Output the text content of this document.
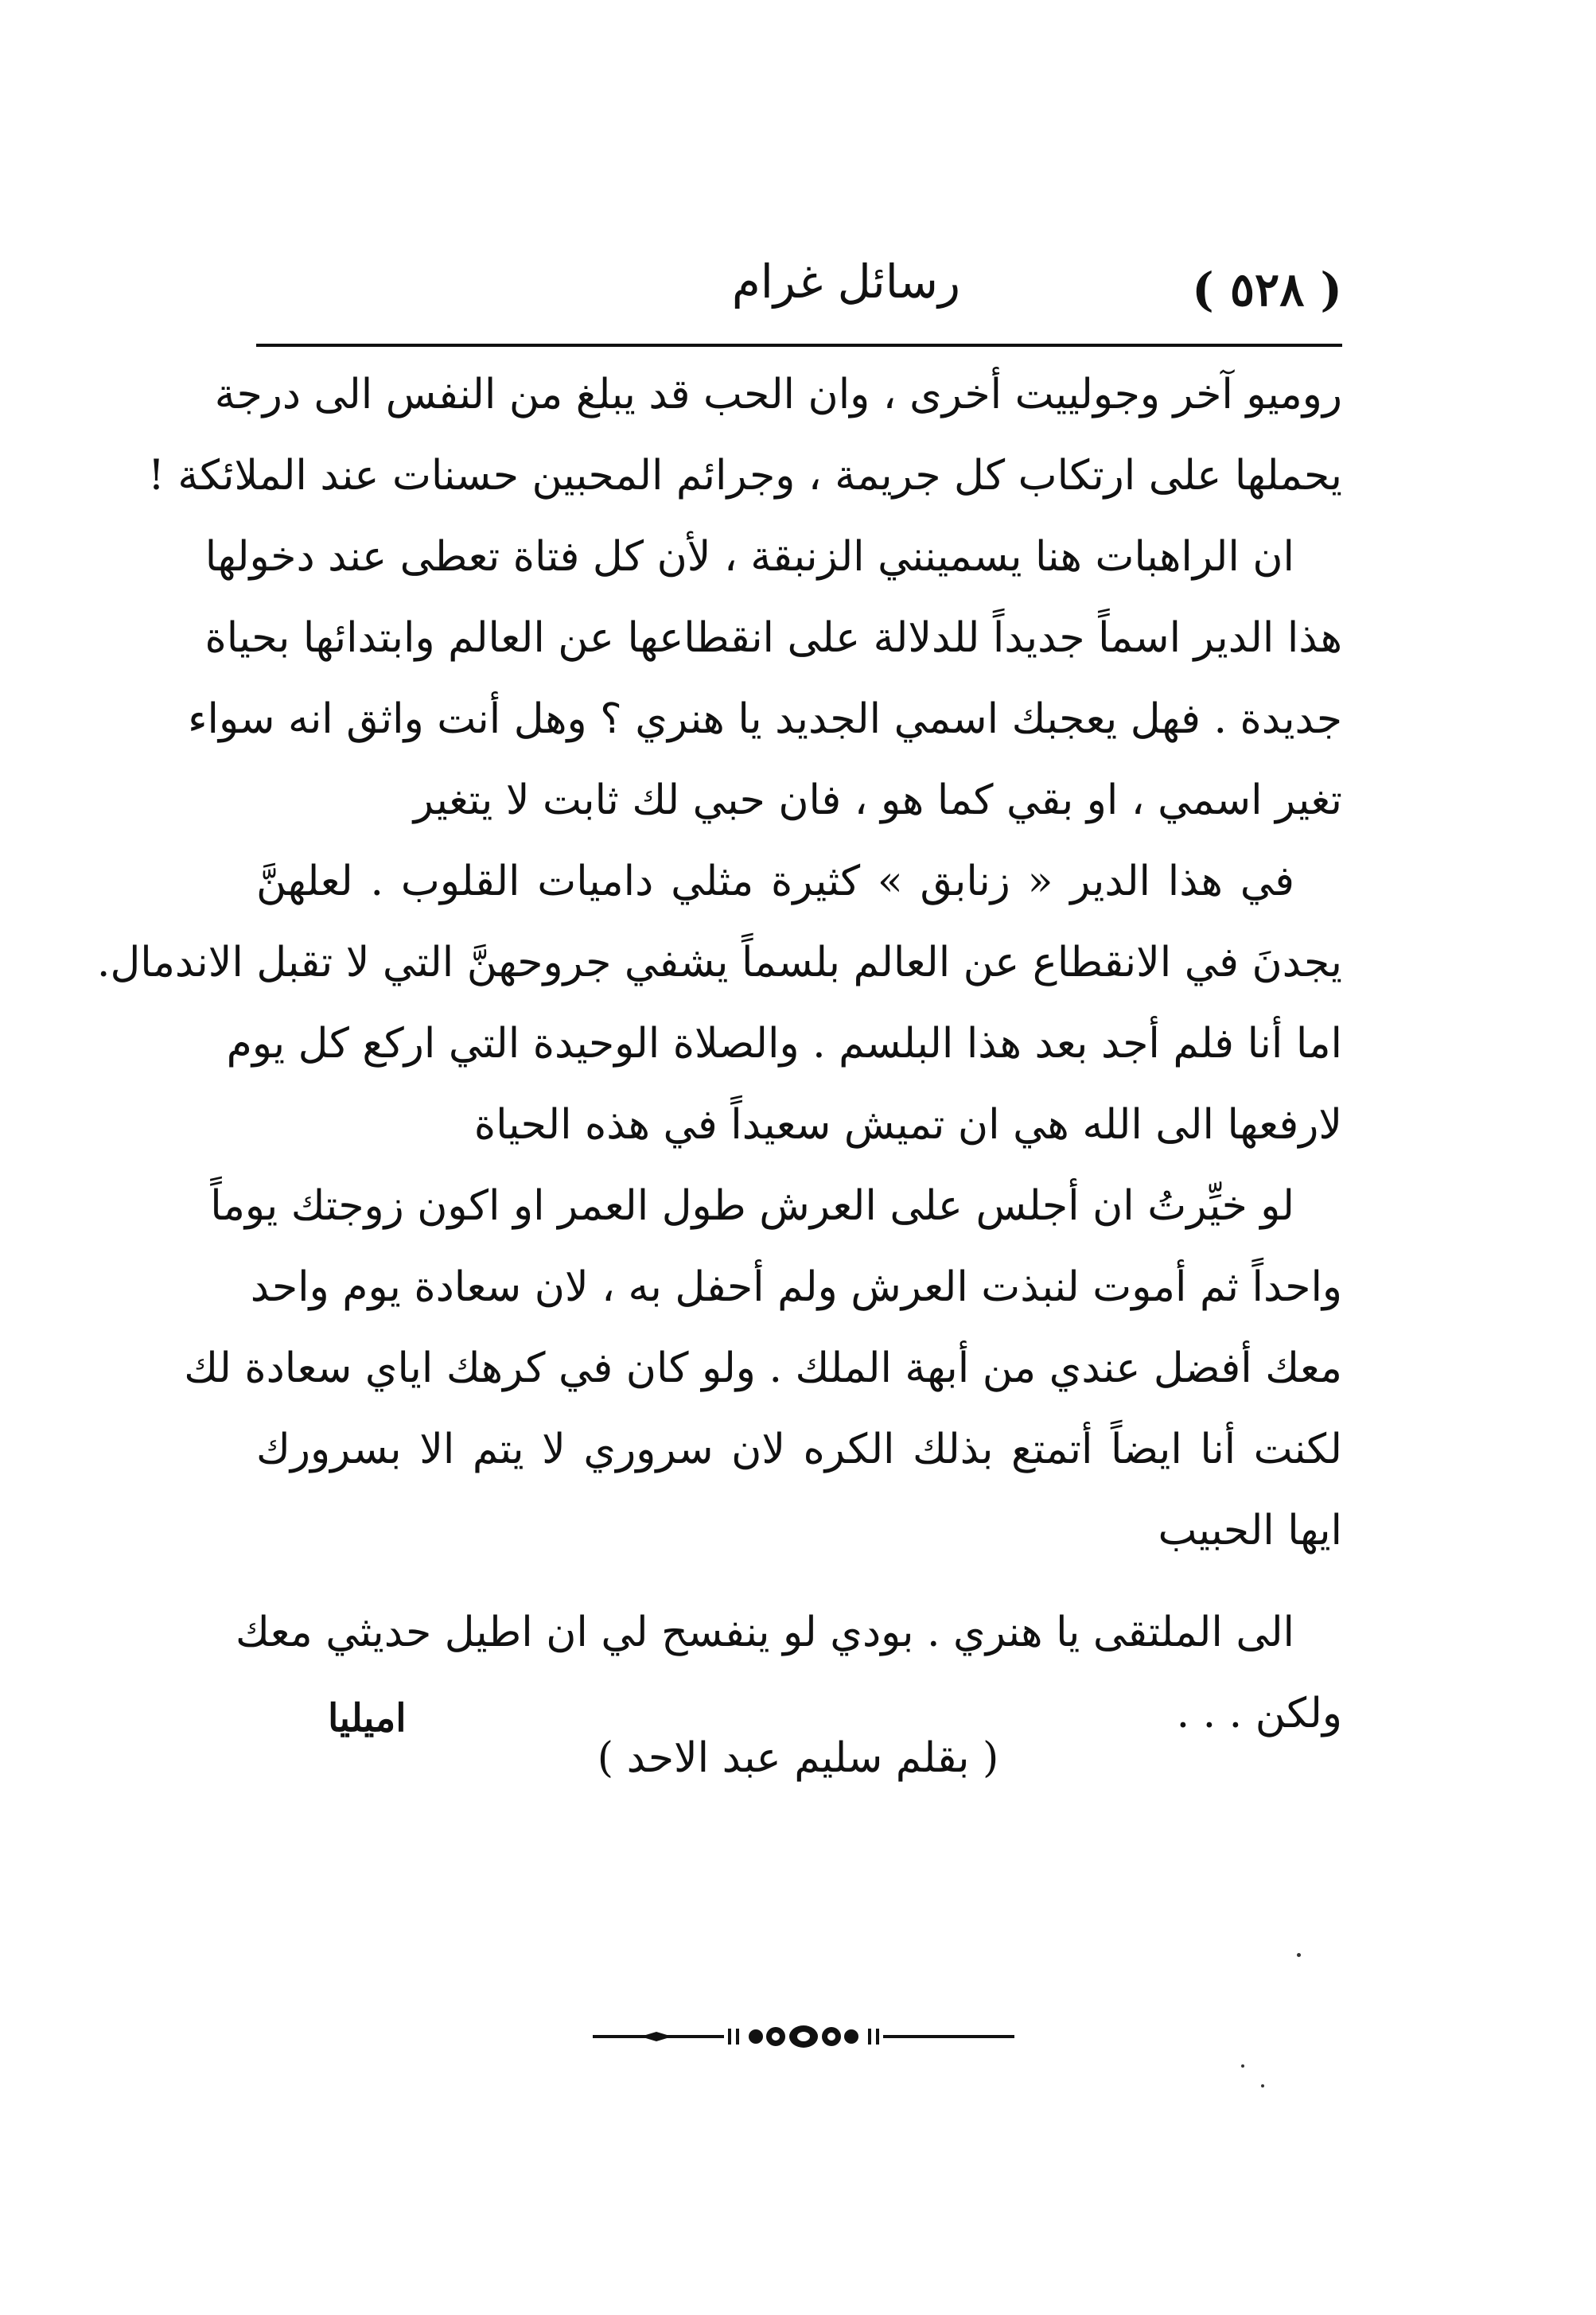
( ٥٢٨ )
رسائل غرام
روميو آخر وجولييت أخرى ، وان الحب قد يبلغ من النفس الى درجة
يحملها على ارتكاب كل جريمة ، وجرائم المحبين حسنات عند الملائكة !
ان الراهبات هنا يسمينني الزنبقة ، لأن كل فتاة تعطى عند دخولها
هذا الدير اسماً جديداً للدلالة على انقطاعها عن العالم وابتدائها بحياة
جديدة . فهل يعجبك اسمي الجديد يا هنري ؟ وهل أنت واثق انه سواء
تغير اسمي ، او بقي كما هو ، فان حبي لك ثابت لا يتغير
في هذا الدير « زنابق » كثيرة مثلي داميات القلوب . لعلهنَّ
يجدنَ في الانقطاع عن العالم بلسماً يشفي جروحهنَّ التي لا تقبل الاندمال.
اما أنا فلم أجد بعد هذا البلسم . والصلاة الوحيدة التي اركع كل يوم
لارفعها الى الله هي ان تميش سعيداً في هذه الحياة
لو خيِّرتُ ان أجلس على العرش طول العمر او اكون زوجتك يوماً
واحداً ثم أموت لنبذت العرش ولم أحفل به ، لان سعادة يوم واحد
معك أفضل عندي من أبهة الملك . ولو كان في كرهك اياي سعادة لك
لكنت أنا ايضاً أتمتع بذلك الكره لان سروري لا يتم الا بسرورك
ايها الحبيب
الى الملتقى يا هنري . بودي لو ينفسح لي ان اطيل حديثي معك
ولكن . . .
اميليا
( بقلم سليم عبد الاحد )
